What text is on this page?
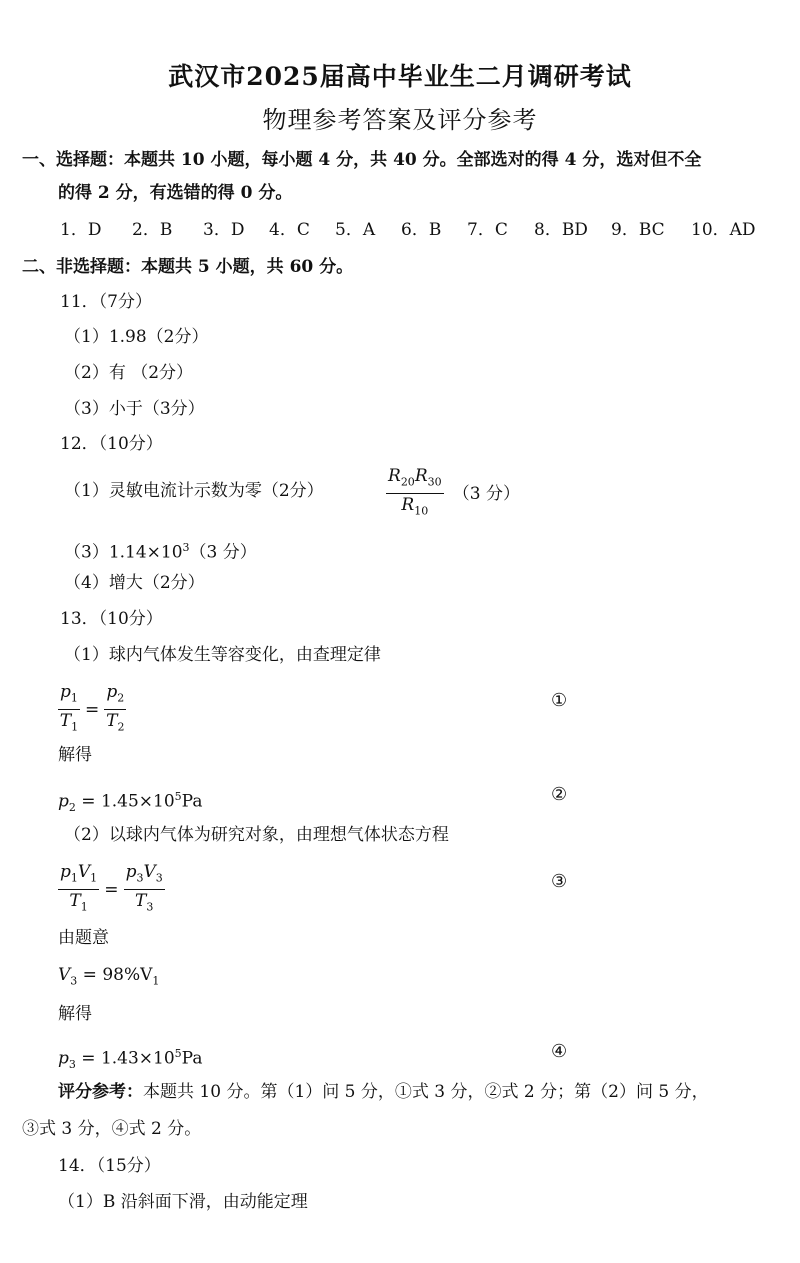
武汉市2025届高中毕业生二月调研考试
物理参考答案及评分参考
一、选择题：本题共 10 小题，每小题 4 分，共 40 分。全部选对的得 4 分，选对但不全
的得 2 分，有选错的得 0 分。
1．D 2．B 3．D 4．C 5．A 6．B 7．C 8．BD 9．BC 10．AD
二、非选择题：本题共 5 小题，共 60 分。
11．（7分）
（1）1.98（2分）
（2）有 （2分）
（3）小于（3分）
12．（10分）
（1）灵敏电流计示数为零（2分）	$\frac{R_{20}R_{30}}{R_{10}} (3$ 分）
$(3)1.14\times 10^3(3$ 分）
（4）增大（2分）
13．（10分）
（1）球内气体发生等容变化，由查理定律
$\frac{p_1}{T_1} = \frac{p_2}{T_2}$	①
解得
$p_2 = 1.45\times 10^5Pa$	②
（2）以球内气体为研究对象，由理想气体状态方程
$\frac{p_1V_1}{T_1} = \frac{p_3V_3}{T_3}$	③
由题意
$V_3 = 98\%V_1$
解得
$p_3 = 1.43\times 10^5Pa$	④
评分参考：本题共 10 分。第（1）问 5 分，①式 3 分，②式 2 分；第（2）问 5 分，
③式 3 分，④式 2 分。
14．（15分）
（1）B 沿斜面下滑，由动能定理
